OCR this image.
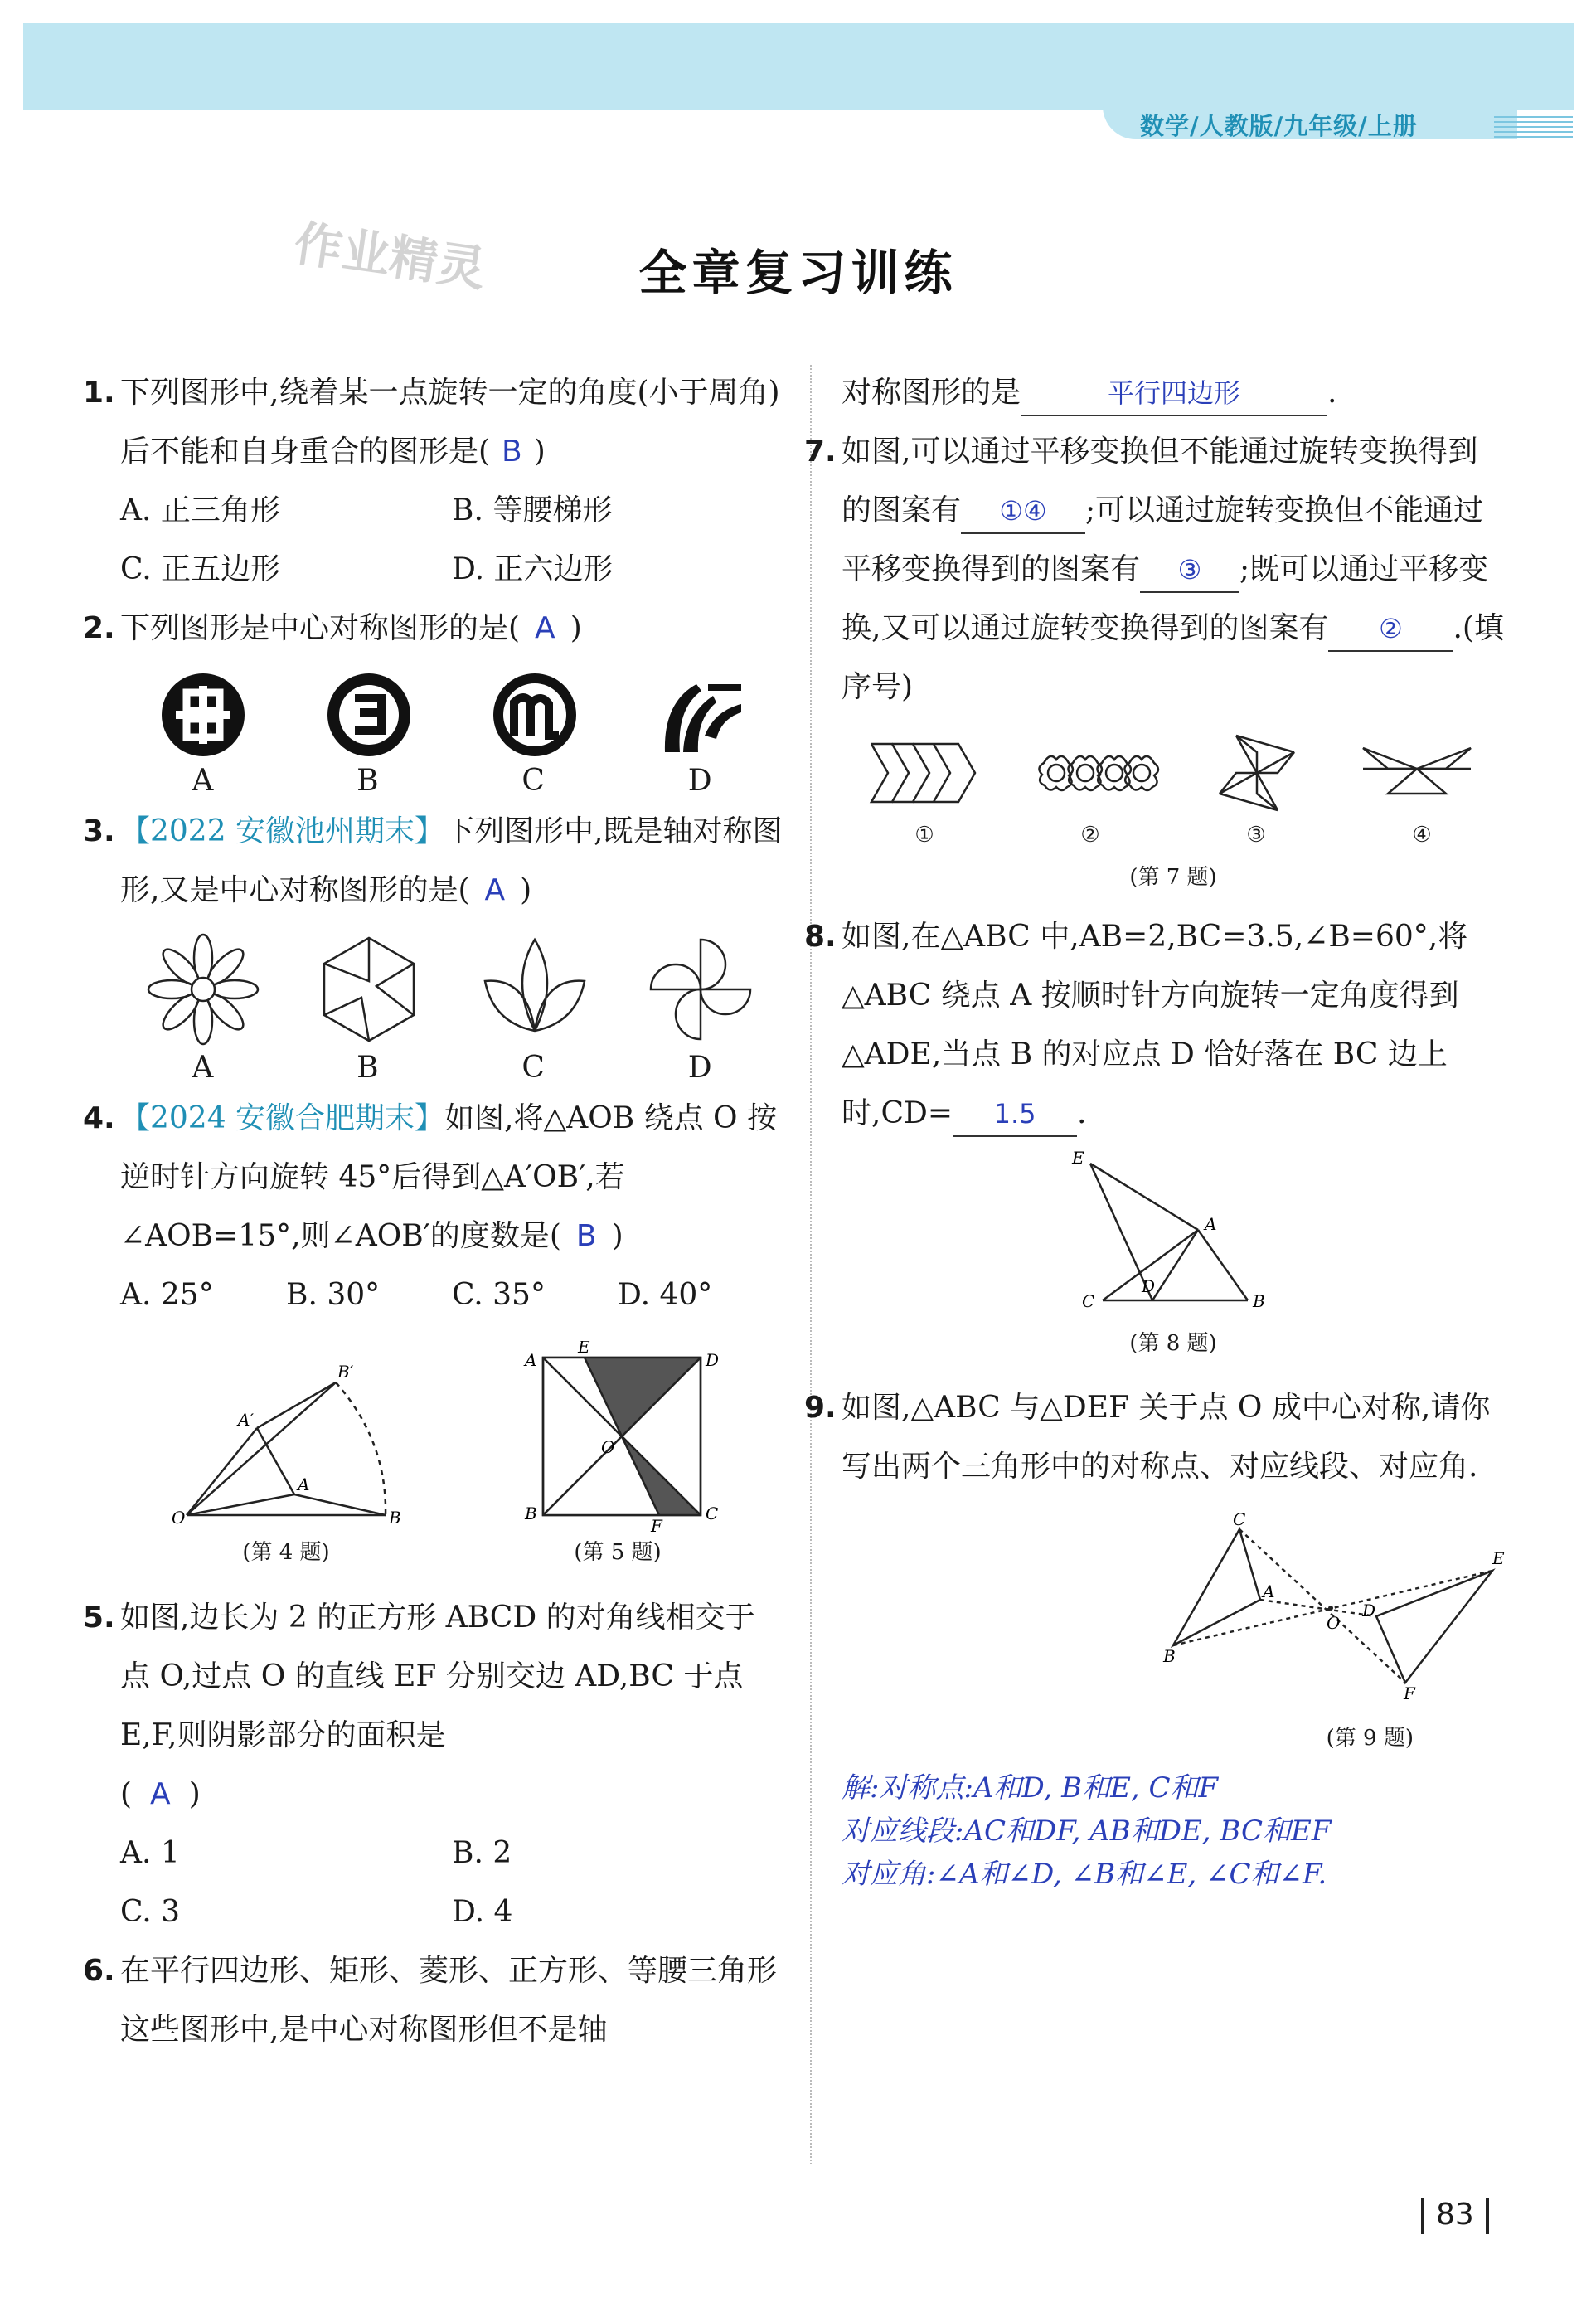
数学/人教版/九年级/上册
作业精灵	全章复习训练
1. 下列图形中,绕着某一点旋转一定的角度(小于周角)后不能和自身重合的图形是( B )
A. 正三角形	B. 等腰梯形
C. 正五边形	D. 正六边形
2. 下列图形是中心对称图形的是( A )
A	B	C	D
3. 【2022 安徽池州期末】下列图形中,既是轴对称图形,又是中心对称图形的是( A )
A	B	C	D
4. 【2024 安徽合肥期末】如图,将△AOB 绕点 O 按逆时针方向旋转 45°后得到△A′OB′,若∠AOB=15°,则∠AOB′的度数是( B )
A. 25°	B. 30°	C. 35°	D. 40°
A′
B′
A
O	B
A
E
D
O
B
F
C
(第 4 题)	(第 5 题)
5. 如图,边长为 2 的正方形 ABCD 的对角线相交于点 O,过点 O 的直线 EF 分别交边 AD,BC 于点 E,F,则阴影部分的面积是
( A )
A. 1	B. 2
C. 3	D. 4
6. 在平行四边形、矩形、菱形、正方形、等腰三角形这些图形中,是中心对称图形但不是轴
对称图形的是	平行四边形	.
7. 如图,可以通过平移变换但不能通过旋转变换得到的图案有 ①④ ;可以通过旋转变换但不能通过平移变换得到的图案有 ③ ;既可以通过平移变换,又可以通过旋转变换得到的图案有 ② .(填序号)
①	②	③	④
(第 7 题)
8. 如图,在△ABC 中,AB=2,BC=3.5,∠B=60°,将△ABC 绕点 A 按顺时针方向旋转一定角度得到△ADE,当点 B 的对应点 D 恰好落在 BC 边上时,CD= 1.5 .
E
A
D
C	B
(第 8 题)
9. 如图,△ABC 与△DEF 关于点 O 成中心对称,请你写出两个三角形中的对称点、对应线段、对应角.
C
A
O
E
D
B
F
(第 9 题)
解:对称点:A和D, B和E, C和F
对应线段:AC和DF, AB和DE, BC和EF
对应角:∠A和∠D, ∠B和∠E, ∠C和∠F.
83
